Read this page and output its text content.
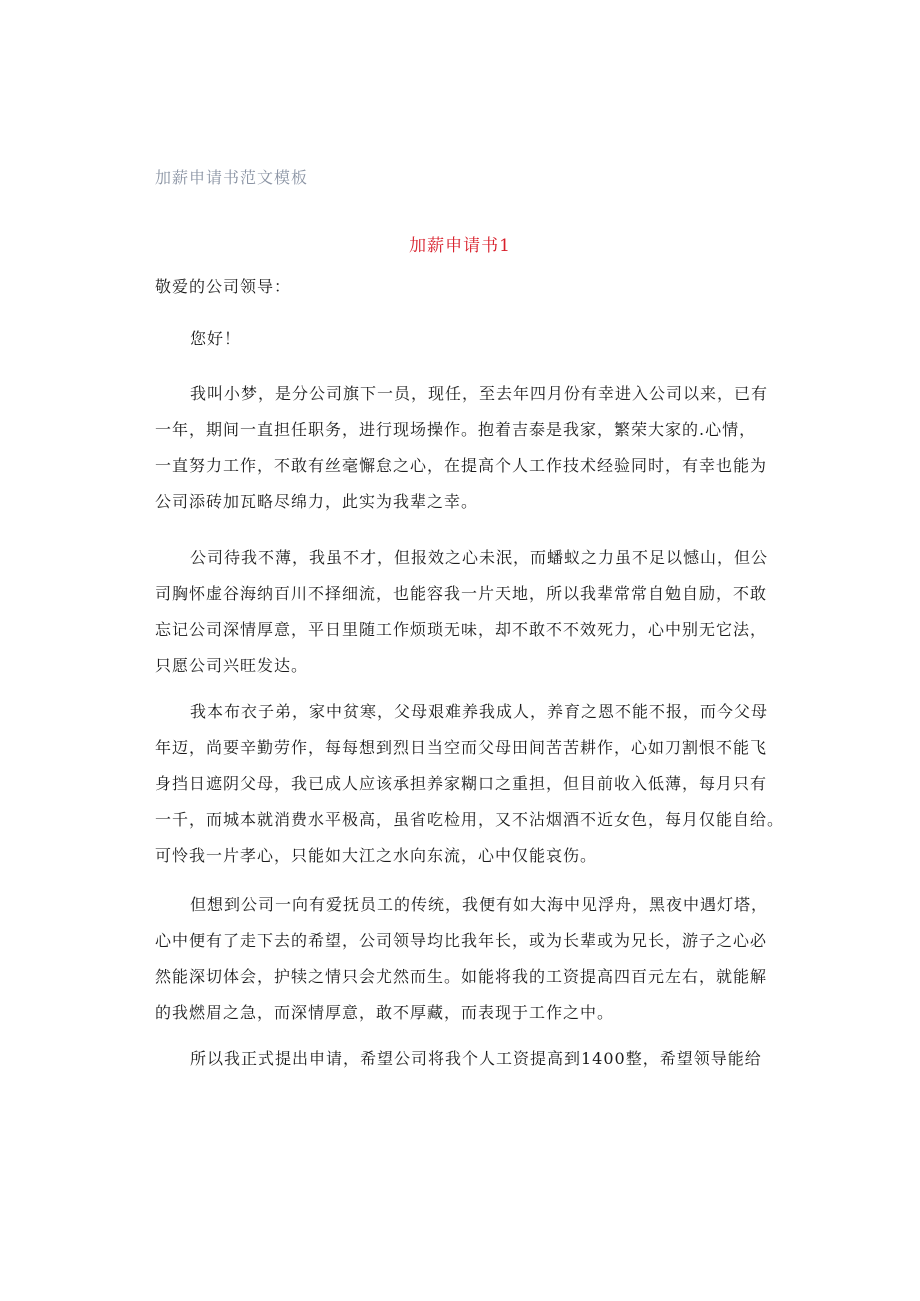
加薪申请书范文模板
加薪申请书1
敬爱的公司领导：
您好！
我叫小梦，是分公司旗下一员，现任，至去年四月份有幸进入公司以来，已有
一年，期间一直担任职务，进行现场操作。抱着吉泰是我家，繁荣大家的.心情，
一直努力工作，不敢有丝毫懈怠之心，在提高个人工作技术经验同时，有幸也能为
公司添砖加瓦略尽绵力，此实为我辈之幸。
公司待我不薄，我虽不才，但报效之心未泯，而蟠蚁之力虽不足以憾山，但公
司胸怀虚谷海纳百川不择细流，也能容我一片天地，所以我辈常常自勉自励，不敢
忘记公司深情厚意，平日里随工作烦琐无味，却不敢不不效死力，心中别无它法，
只愿公司兴旺发达。
我本布衣子弟，家中贫寒，父母艰难养我成人，养育之恩不能不报，而今父母
年迈，尚要辛勤劳作，每每想到烈日当空而父母田间苦苦耕作，心如刀割恨不能飞
身挡日遮阴父母，我已成人应该承担养家糊口之重担，但目前收入低薄，每月只有
一千，而城本就消费水平极高，虽省吃检用，又不沾烟酒不近女色，每月仅能自给。
可怜我一片孝心，只能如大江之水向东流，心中仅能哀伤。
但想到公司一向有爱抚员工的传统，我便有如大海中见浮舟，黑夜中遇灯塔，
心中便有了走下去的希望，公司领导均比我年长，或为长辈或为兄长，游子之心必
然能深切体会，护犊之情只会尤然而生。如能将我的工资提高四百元左右，就能解
的我燃眉之急，而深情厚意，敢不厚藏，而表现于工作之中。
所以我正式提出申请，希望公司将我个人工资提高到1400整，希望领导能给
